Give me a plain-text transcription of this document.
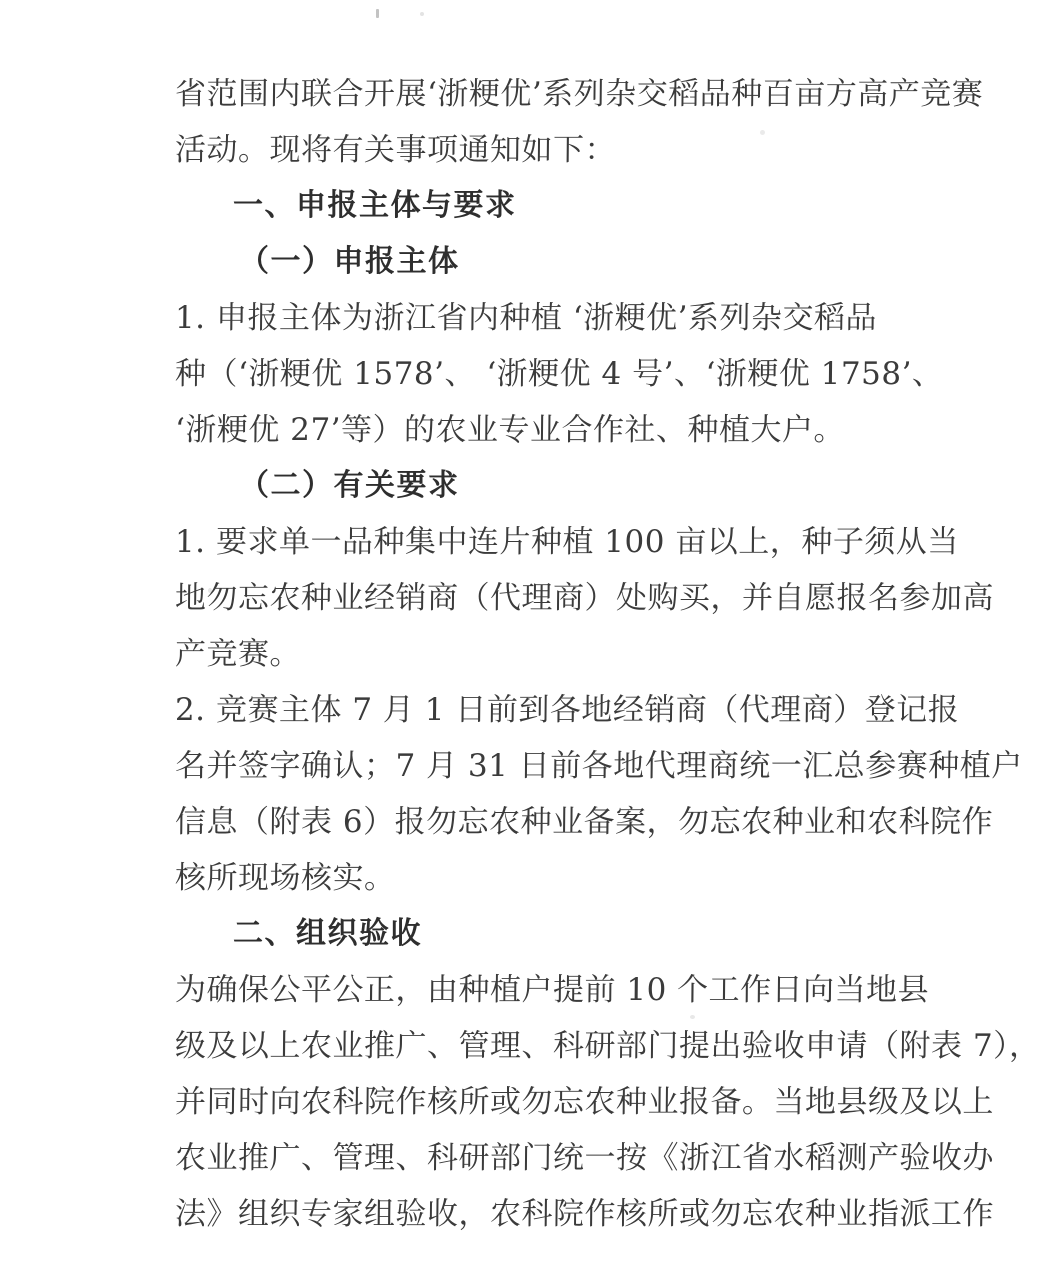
省范围内联合开展‘浙粳优’系列杂交稻品种百亩方高产竞赛
活动。现将有关事项通知如下：
一、申报主体与要求
（一）申报主体
1. 申报主体为浙江省内种植 ‘浙粳优’系列杂交稻品
种（‘浙粳优 1578’、 ‘浙粳优 4 号’、‘浙粳优 1758’、
‘浙粳优 27’等）的农业专业合作社、种植大户。
（二）有关要求
1. 要求单一品种集中连片种植 100 亩以上，种子须从当
地勿忘农种业经销商（代理商）处购买，并自愿报名参加高
产竞赛。
2. 竞赛主体 7 月 1 日前到各地经销商（代理商）登记报
名并签字确认；7 月 31 日前各地代理商统一汇总参赛种植户
信息（附表 6）报勿忘农种业备案，勿忘农种业和农科院作
核所现场核实。
二、组织验收
为确保公平公正，由种植户提前 10 个工作日向当地县
级及以上农业推广、管理、科研部门提出验收申请（附表 7），
并同时向农科院作核所或勿忘农种业报备。当地县级及以上
农业推广、管理、科研部门统一按《浙江省水稻测产验收办
法》组织专家组验收，农科院作核所或勿忘农种业指派工作
